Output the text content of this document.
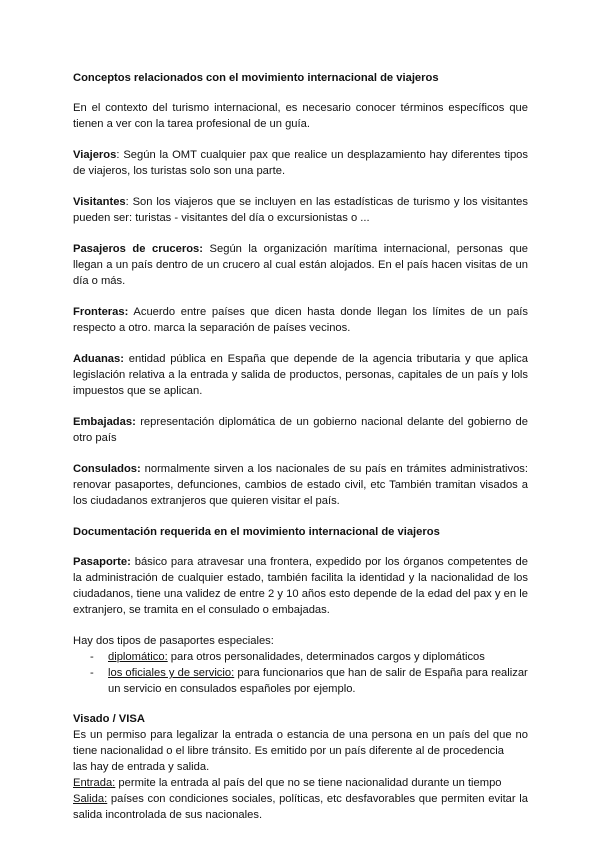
Conceptos relacionados con el movimiento internacional de viajeros

En el contexto del turismo internacional, es necesario conocer términos específicos que tienen a ver con la tarea profesional de un guía.

Viajeros: Según la OMT cualquier pax que realice un desplazamiento hay diferentes tipos de viajeros, los turistas solo son una parte.

Visitantes: Son los viajeros que se incluyen en las estadísticas de turismo y los visitantes pueden ser: turistas - visitantes del día o excursionistas o ...

Pasajeros de cruceros: Según la organización marítima internacional, personas que llegan a un país dentro de un crucero al cual están alojados. En el país hacen visitas de un día o más.

Fronteras: Acuerdo entre países que dicen hasta donde llegan los límites de un país respecto a otro. marca la separación de países vecinos.

Aduanas: entidad pública en España que depende de la agencia tributaria y que aplica legislación relativa a la entrada y salida de productos, personas, capitales de un país y lols impuestos que se aplican.

Embajadas: representación diplomática de un gobierno nacional delante del gobierno de otro país

Consulados: normalmente sirven a los nacionales de su país en trámites administrativos: renovar pasaportes, defunciones, cambios de estado civil, etc También tramitan visados a los ciudadanos extranjeros que quieren visitar el país.

Documentación requerida en el movimiento internacional de viajeros

Pasaporte: básico para atravesar una frontera, expedido por los órganos competentes de la administración de cualquier estado, también facilita la identidad y la nacionalidad de los ciudadanos, tiene una validez de entre 2 y 10 años esto depende de la edad del pax y en le extranjero, se tramita en el consulado o embajadas.

Hay dos tipos de pasaportes especiales:
- diplomático: para otros personalidades, determinados cargos y diplomáticos
- los oficiales y de servicio: para funcionarios que han de salir de España para realizar un servicio en consulados españoles por ejemplo.
Visado / VISA

Es un permiso para legalizar la entrada o estancia de una persona en un país del que no tiene nacionalidad o el libre tránsito. Es emitido por un país diferente al de procedencia

las hay de entrada y salida.

Entrada: permite la entrada al país del que no se tiene nacionalidad durante un tiempo

Salida: países con condiciones sociales, políticas, etc desfavorables que permiten evitar la salida incontrolada de sus nacionales.
